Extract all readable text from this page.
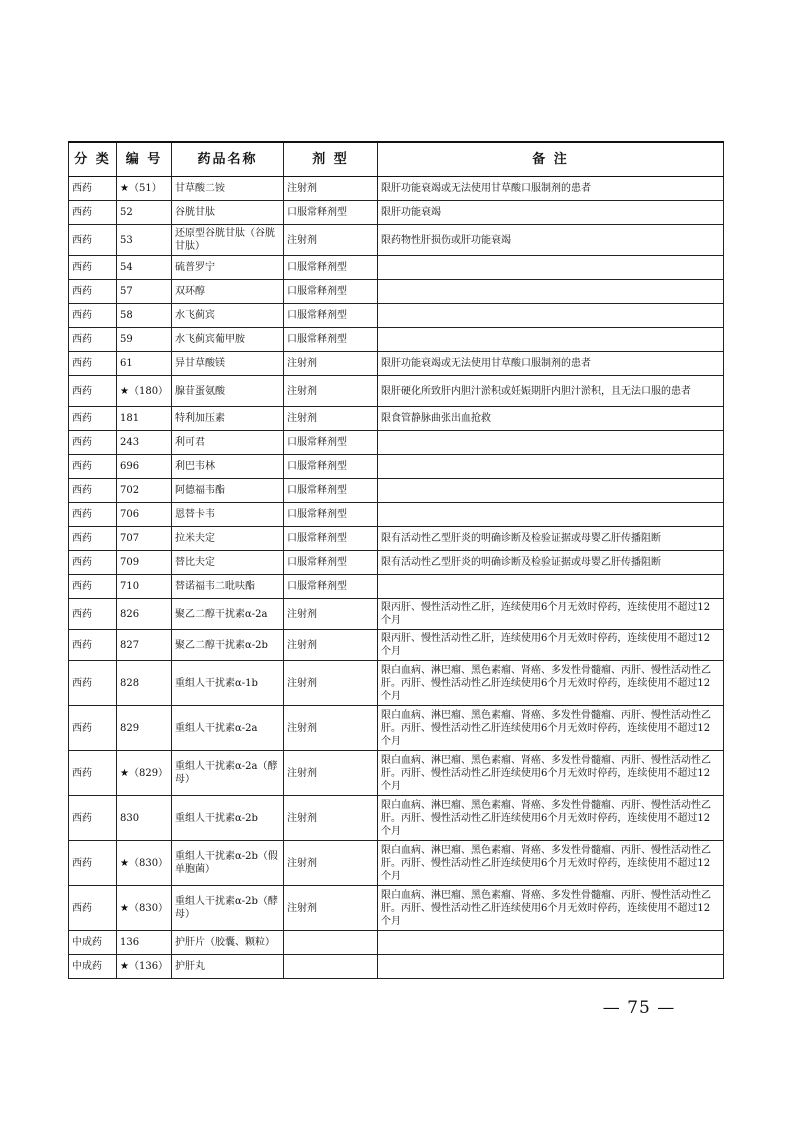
分 类	编 号	药品名称	剂 型	备 注
西药	★（51）	甘草酸二铵	注射剂	限肝功能衰竭或无法使用甘草酸口服制剂的患者
西药	52	谷胱甘肽	口服常释剂型	限肝功能衰竭
西药	53	还原型谷胱甘肽（谷胱甘肽）	注射剂	限药物性肝损伤或肝功能衰竭
西药	54	硫普罗宁	口服常释剂型	
西药	57	双环醇	口服常释剂型	
西药	58	水飞蓟宾	口服常释剂型	
西药	59	水飞蓟宾葡甲胺	口服常释剂型	
西药	61	异甘草酸镁	注射剂	限肝功能衰竭或无法使用甘草酸口服制剂的患者
西药	★（180）	腺苷蛋氨酸	注射剂	限肝硬化所致肝内胆汁淤积或妊娠期肝内胆汁淤积，且无法口服的患者
西药	181	特利加压素	注射剂	限食管静脉曲张出血抢救
西药	243	利可君	口服常释剂型	
西药	696	利巴韦林	口服常释剂型	
西药	702	阿德福韦酯	口服常释剂型	
西药	706	恩替卡韦	口服常释剂型	
西药	707	拉米夫定	口服常释剂型	限有活动性乙型肝炎的明确诊断及检验证据或母婴乙肝传播阻断
西药	709	替比夫定	口服常释剂型	限有活动性乙型肝炎的明确诊断及检验证据或母婴乙肝传播阻断
西药	710	替诺福韦二吡呋酯	口服常释剂型	
西药	826	聚乙二醇干扰素α-2a	注射剂	限丙肝、慢性活动性乙肝，连续使用6个月无效时停药，连续使用不超过12个月
西药	827	聚乙二醇干扰素α-2b	注射剂	限丙肝、慢性活动性乙肝，连续使用6个月无效时停药，连续使用不超过12个月
西药	828	重组人干扰素α-1b	注射剂	限白血病、淋巴瘤、黑色素瘤、肾癌、多发性骨髓瘤、丙肝、慢性活动性乙肝。丙肝、慢性活动性乙肝连续使用6个月无效时停药，连续使用不超过12个月
西药	829	重组人干扰素α-2a	注射剂	限白血病、淋巴瘤、黑色素瘤、肾癌、多发性骨髓瘤、丙肝、慢性活动性乙肝。丙肝、慢性活动性乙肝连续使用6个月无效时停药，连续使用不超过12个月
西药	★（829）	重组人干扰素α-2a（酵母）	注射剂	限白血病、淋巴瘤、黑色素瘤、肾癌、多发性骨髓瘤、丙肝、慢性活动性乙肝。丙肝、慢性活动性乙肝连续使用6个月无效时停药，连续使用不超过12个月
西药	830	重组人干扰素α-2b	注射剂	限白血病、淋巴瘤、黑色素瘤、肾癌、多发性骨髓瘤、丙肝、慢性活动性乙肝。丙肝、慢性活动性乙肝连续使用6个月无效时停药，连续使用不超过12个月
西药	★（830）	重组人干扰素α-2b（假单胞菌）	注射剂	限白血病、淋巴瘤、黑色素瘤、肾癌、多发性骨髓瘤、丙肝、慢性活动性乙肝。丙肝、慢性活动性乙肝连续使用6个月无效时停药，连续使用不超过12个月
西药	★（830）	重组人干扰素α-2b（酵母）	注射剂	限白血病、淋巴瘤、黑色素瘤、肾癌、多发性骨髓瘤、丙肝、慢性活动性乙肝。丙肝、慢性活动性乙肝连续使用6个月无效时停药，连续使用不超过12个月
中成药	136	护肝片（胶囊、颗粒）		
中成药	★（136）	护肝丸		
— 75 —
